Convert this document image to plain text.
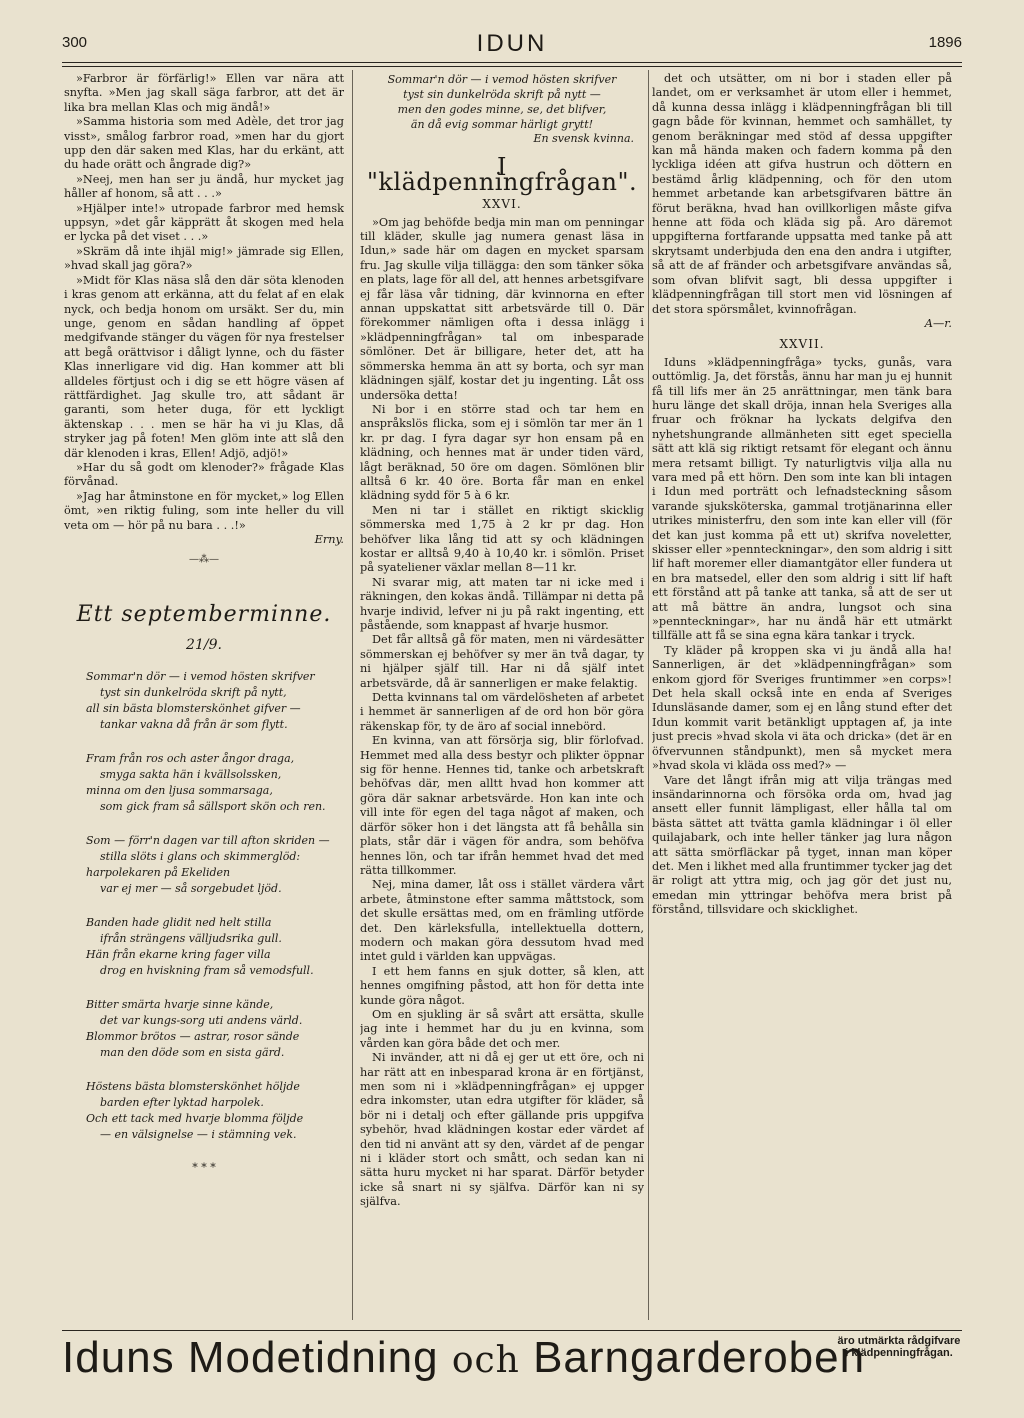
300	IDUN	1896

»Farbror är förfärlig!» Ellen var nära att snyfta. »Men jag skall säga farbror, att det är lika bra mellan Klas och mig ändå!»

»Samma historia som med Adèle, det tror jag visst», smålog farbror road, »men har du gjort upp den där saken med Klas, har du erkänt, att du hade orätt och ångrade dig?»

»Neej, men han ser ju ändå, hur mycket jag håller af honom, så att . . .»

»Hjälper inte!» utropade farbror med hemsk uppsyn, »det går käpprätt åt skogen med hela er lycka på det viset . . .»

»Skräm då inte ihjäl mig!» jämrade sig Ellen, »hvad skall jag göra?»

»Midt för Klas näsa slå den där söta klenoden i kras genom att erkänna, att du felat af en elak nyck, och bedja honom om ursäkt. Ser du, min unge, genom en sådan handling af öppet medgifvande stänger du vägen för nya frestelser att begå orättvisor i dåligt lynne, och du fäster Klas innerligare vid dig. Han kommer att bli alldeles förtjust och i dig se ett högre väsen af rättfärdighet. Jag skulle tro, att sådant är garanti, som heter duga, för ett lyckligt äktenskap . . . men se här ha vi ju Klas, då stryker jag på foten! Men glöm inte att slå den där klenoden i kras, Ellen! Adjö, adjö!»

»Har du så godt om klenoder?» frågade Klas förvånad.

»Jag har åtminstone en för mycket,» log Ellen ömt, »en riktig fuling, som inte heller du vill veta om — hör på nu bara . . .!»

Erny.

—⁂—
Ett septemberminne.
21/9.
Sommar'n dör — i vemod hösten skrifver
tyst sin dunkelröda skrift på nytt,
all sin bästa blomsterskönhet gifver —
tankar vakna då från är som flytt.
Fram från ros och aster ångor draga,
smyga sakta hän i kvällsolssken,
minna om den ljusa sommarsaga,
som gick fram så sällsport skön och ren.
Som — förr'n dagen var till afton skriden —
stilla slöts i glans och skimmerglöd:
harpolekaren på Ekeliden
var ej mer — så sorgebudet ljöd.
Banden hade glidit ned helt stilla
ifrån strängens välljudsrika gull.
Hän från ekarne kring fager villa
drog en hviskning fram så vemodsfull.
Bitter smärta hvarje sinne kände,
det var kungs-sorg uti andens värld.
Blommor brötos — astrar, rosor sände
man den döde som en sista gärd.
Höstens bästa blomsterskönhet höljde
barden efter lyktad harpolek.
Och ett tack med hvarje blomma följde
— en välsignelse — i stämning vek.
* * *
Sommar'n dör — i vemod hösten skrifver
tyst sin dunkelröda skrift på nytt —
men den godes minne, se, det blifver,
än då evig sommar härligt grytt!
En svensk kvinna.
I "klädpenningfrågan".
XXVI.

»Om jag behöfde bedja min man om penningar till kläder, skulle jag numera genast läsa in Idun,» sade här om dagen en mycket sparsam fru. Jag skulle vilja tillägga: den som tänker söka en plats, lage för all del, att hennes arbetsgifvare ej får läsa vår tidning, där kvinnorna en efter annan uppskattat sitt arbetsvärde till 0. Där förekommer nämligen ofta i dessa inlägg i »klädpenningfrågan» tal om inbesparade sömlöner. Det är billigare, heter det, att ha sömmerska hemma än att sy borta, och syr man klädningen själf, kostar det ju ingenting. Låt oss undersöka detta!

Ni bor i en större stad och tar hem en anspråkslös flicka, som ej i sömlön tar mer än 1 kr. pr dag. I fyra dagar syr hon ensam på en klädning, och hennes mat är under tiden värd, lågt beräknad, 50 öre om dagen. Sömlönen blir alltså 6 kr. 40 öre. Borta får man en enkel klädning sydd för 5 à 6 kr.

Men ni tar i stället en riktigt skicklig sömmerska med 1,75 à 2 kr pr dag. Hon behöfver lika lång tid att sy och klädningen kostar er alltså 9,40 à 10,40 kr. i sömlön. Priset på syateliener växlar mellan 8—11 kr.

Ni svarar mig, att maten tar ni icke med i räkningen, den kokas ändå. Tillämpar ni detta på hvarje individ, lefver ni ju på rakt ingenting, ett påstående, som knappast af hvarje husmor.

Det får alltså gå för maten, men ni värdesätter sömmerskan ej behöfver sy mer än två dagar, ty ni hjälper själf till. Har ni då själf intet arbetsvärde, då är sannerligen er make felaktig.

Detta kvinnans tal om värdelösheten af arbetet i hemmet är sannerligen af de ord hon bör göra räkenskap för, ty de äro af social innebörd.

En kvinna, van att försörja sig, blir förlofvad. Hemmet med alla dess bestyr och plikter öppnar sig för henne. Hennes tid, tanke och arbetskraft behöfvas där, men alltt hvad hon kommer att göra där saknar arbetsvärde. Hon kan inte och vill inte för egen del taga något af maken, och därför söker hon i det längsta att få behålla sin plats, står där i vägen för andra, som behöfva hennes lön, och tar ifrån hemmet hvad det med rätta tillkommer.

Nej, mina damer, låt oss i stället värdera vårt arbete, åtminstone efter samma måttstock, som det skulle ersättas med, om en främling utförde det. Den kärleksfulla, intellektuella dottern, modern och makan göra dessutom hvad med intet guld i världen kan uppvägas.

I ett hem fanns en sjuk dotter, så klen, att hennes omgifning påstod, att hon för detta inte kunde göra något.

Om en sjukling är så svårt att ersätta, skulle jag inte i hemmet har du ju en kvinna, som vården kan göra både det och mer.

Ni invänder, att ni då ej ger ut ett öre, och ni har rätt att en inbesparad krona är en förtjänst, men som ni i »klädpenningfrågan» ej uppger edra inkomster, utan edra utgifter för kläder, så bör ni i detalj och efter gällande pris uppgifva sybehör, hvad klädningen kostar eder värdet af den tid ni använt att sy den, värdet af de pengar ni i kläder stort och smått, och sedan kan ni sätta huru mycket ni har sparat. Därför betyder icke så snart ni sy själfva. Därför kan ni sy själfva.

det och utsätter, om ni bor i staden eller på landet, om er verksamhet är utom eller i hemmet, då kunna dessa inlägg i klädpenningfrågan bli till gagn både för kvinnan, hemmet och samhället, ty genom beräkningar med stöd af dessa uppgifter kan må hända maken och fadern komma på den lyckliga idéen att gifva hustrun och döttern en bestämd årlig klädpenning, och för den utom hemmet arbetande kan arbetsgifvaren bättre än förut beräkna, hvad han ovillkorligen måste gifva henne att föda och kläda sig på. Aro däremot uppgifterna fortfarande uppsatta med tanke på att skrytsamt underbjuda den ena den andra i utgifter, så att de af fränder och arbetsgifvare användas så, som ofvan blifvit sagt, bli dessa uppgifter i klädpenningfrågan till stort men vid lösningen af det stora spörsmålet, kvinnofrågan.

A—r.

XXVII.

Iduns »klädpenningfråga» tycks, gunås, vara outtömlig. Ja, det förstås, ännu har man ju ej hunnit få till lifs mer än 25 anrättningar, men tänk bara huru länge det skall dröja, innan hela Sveriges alla fruar och fröknar ha lyckats delgifva den nyhetshungrande allmänheten sitt eget speciella sätt att klä sig riktigt retsamt för elegant och ännu mera retsamt billigt. Ty naturligtvis vilja alla nu vara med på ett hörn. Den som inte kan bli intagen i Idun med porträtt och lefnadsteckning såsom varande sjuksköterska, gammal trotjänarinna eller utrikes ministerfru, den som inte kan eller vill (för det kan just komma på ett ut) skrifva noveletter, skisser eller »pennteckningar», den som aldrig i sitt lif haft moremer eller diamantgätor eller fundera ut en bra matsedel, eller den som aldrig i sitt lif haft ett förstånd att på tanke att tanka, så att de ser ut att må bättre än andra, lungsot och sina »pennteckningar», har nu ändå här ett utmärkt tillfälle att få se sina egna kära tankar i tryck.

Ty kläder på kroppen ska vi ju ändå alla ha! Sannerligen, är det »klädpenningfrågan» som enkom gjord för Sveriges fruntimmer »en corps»! Det hela skall också inte en enda af Sveriges Idunsläsande damer, som ej en lång stund efter det Idun kommit varit betänkligt upptagen af, ja inte just precis »hvad skola vi äta och dricka» (det är en öfvervunnen ståndpunkt), men så mycket mera »hvad skola vi kläda oss med?» —

Vare det långt ifrån mig att vilja trängas med insändarinnorna och försöka orda om, hvad jag ansett eller funnit lämpligast, eller hålla tal om bästa sättet att tvätta gamla klädningar i öl eller quilajabark, och inte heller tänker jag lura någon att sätta smörfläckar på tyget, innan man köper det. Men i likhet med alla fruntimmer tycker jag det är roligt att yttra mig, och jag gör det just nu, emedan min yttringar behöfva mera brist på förstånd, tillsvidare och skicklighet.

Iduns Modetidning och Barngarderoben
äro utmärkta rådgifvare i klädpenningfrågan.
